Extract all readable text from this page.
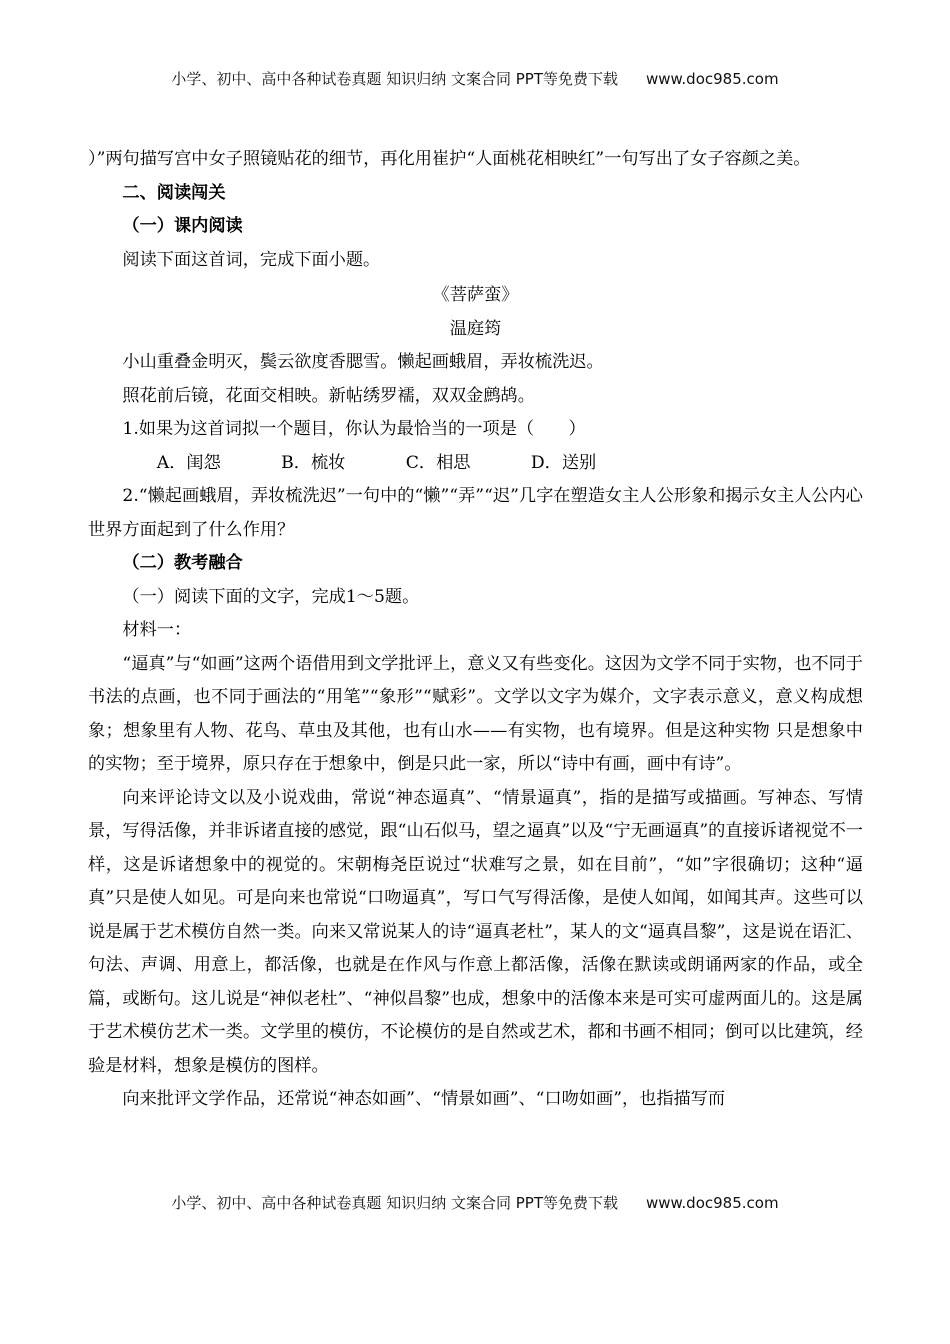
小学、初中、高中各种试卷真题 知识归纳 文案合同 PPT等免费下载 www.doc985.com

）”两句描写宫中女子照镜贴花的细节，再化用崔护“人面桃花相映红”一句写出了女子容颜之美。

二、阅读闯关

（一）课内阅读

阅读下面这首词，完成下面小题。

《菩萨蛮》

温庭筠

小山重叠金明灭，鬓云欲度香腮雪。懒起画蛾眉，弄妆梳洗迟。

照花前后镜，花面交相映。新帖绣罗襦，双双金鹧鸪。

1.如果为这首词拟一个题目，你认为最恰当的一项是（　　）

A．闺怨	B．梳妆	C．相思	D．送别

2.“懒起画蛾眉，弄妆梳洗迟”一句中的“懒”“弄”“迟”几字在塑造女主人公形象和揭示女主人公内心世界方面起到了什么作用？

（二）教考融合

（一）阅读下面的文字，完成1～5题。

材料一：

“逼真”与“如画”这两个语借用到文学批评上，意义又有些变化。这因为文学不同于实物，也不同于书法的点画，也不同于画法的“用笔”“象形”“赋彩”。文学以文字为媒介，文字表示意义，意义构成想象；想象里有人物、花鸟、草虫及其他，也有山水——有实物，也有境界。但是这种实物 只是想象中的实物；至于境界，原只存在于想象中，倒是只此一家，所以“诗中有画，画中有诗”。

向来评论诗文以及小说戏曲，常说“神态逼真”、“情景逼真”，指的是描写或描画。写神态、写情景，写得活像，并非诉诸直接的感觉，跟“山石似马，望之逼真”以及“宁无画逼真”的直接诉诸视觉不一样，这是诉诸想象中的视觉的。宋朝梅尧臣说过“状难写之景，如在目前”，“如”字很确切；这种“逼真”只是使人如见。可是向来也常说“口吻逼真”，写口气写得活像，是使人如闻，如闻其声。这些可以说是属于艺术模仿自然一类。向来又常说某人的诗“逼真老杜”，某人的文“逼真昌黎”，这是说在语汇、句法、声调、用意上，都活像，也就是在作风与作意上都活像，活像在默读或朗诵两家的作品，或全篇，或断句。这儿说是“神似老杜”、“神似昌黎”也成，想象中的活像本来是可实可虚两面儿的。这是属于艺术模仿艺术一类。文学里的模仿，不论模仿的是自然或艺术，都和书画不相同；倒可以比建筑，经验是材料，想象是模仿的图样。

向来批评文学作品，还常说“神态如画”、“情景如画”、“口吻如画”，也指描写而

小学、初中、高中各种试卷真题 知识归纳 文案合同 PPT等免费下载 www.doc985.com
